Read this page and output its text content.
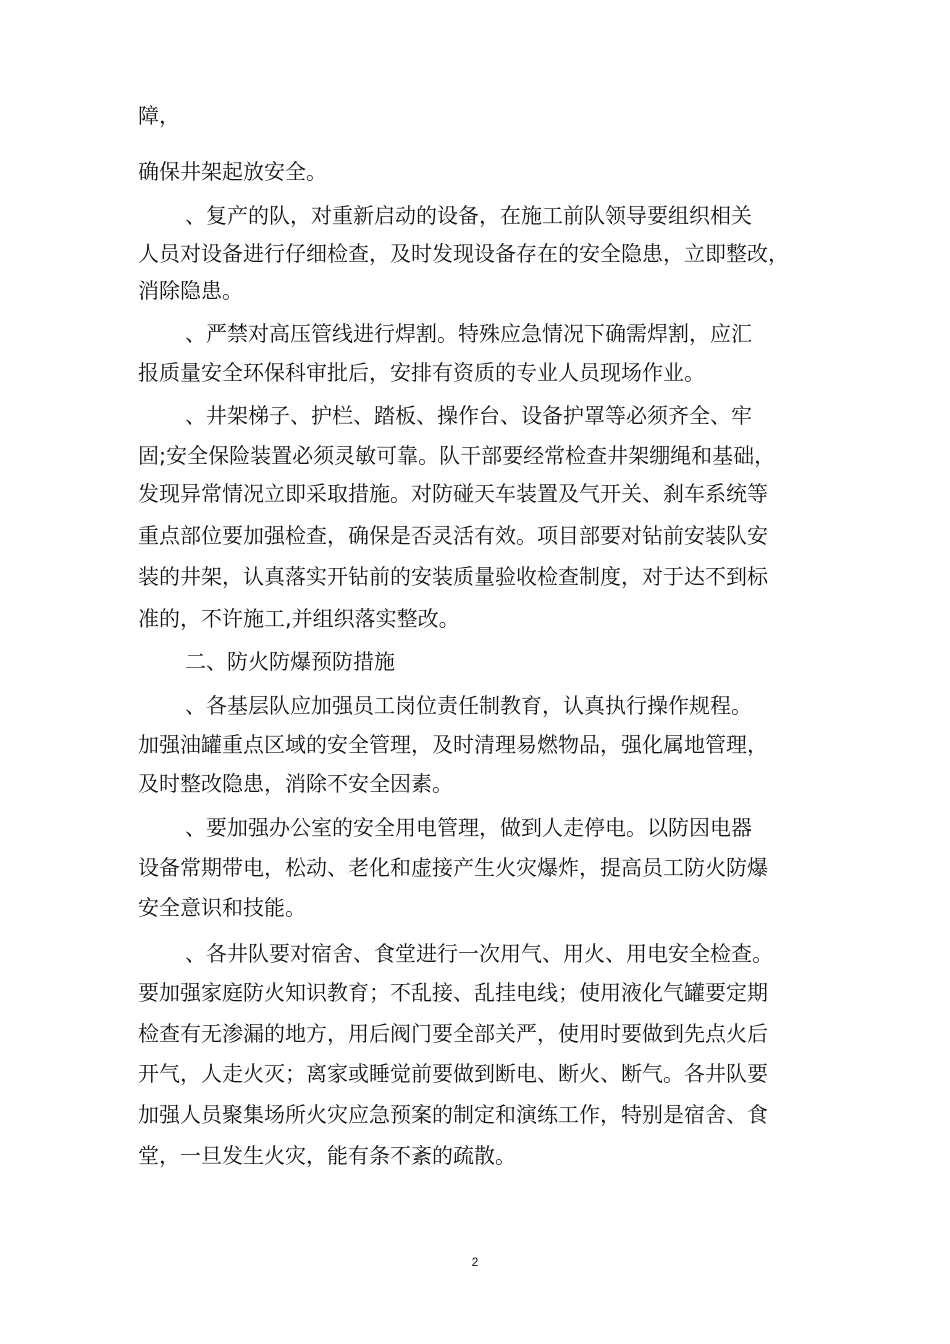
障，
确保井架起放安全。
、复产的队，对重新启动的设备，在施工前队领导要组织相关
人员对设备进行仔细检查，及时发现设备存在的安全隐患，立即整改，
消除隐患。
、严禁对高压管线进行焊割。特殊应急情况下确需焊割，应汇
报质量安全环保科审批后，安排有资质的专业人员现场作业。
、井架梯子、护栏、踏板、操作台、设备护罩等必须齐全、牢
固;安全保险装置必须灵敏可靠。队干部要经常检查井架绷绳和基础，
发现异常情况立即采取措施。对防碰天车装置及气开关、刹车系统等
重点部位要加强检查，确保是否灵活有效。项目部要对钻前安装队安
装的井架，认真落实开钻前的安装质量验收检查制度，对于达不到标
准的，不许施工,并组织落实整改。
二、防火防爆预防措施
、各基层队应加强员工岗位责任制教育，认真执行操作规程。
加强油罐重点区域的安全管理，及时清理易燃物品，强化属地管理，
及时整改隐患，消除不安全因素。
、要加强办公室的安全用电管理，做到人走停电。以防因电器
设备常期带电，松动、老化和虚接产生火灾爆炸，提高员工防火防爆
安全意识和技能。
、各井队要对宿舍、食堂进行一次用气、用火、用电安全检查。
要加强家庭防火知识教育；不乱接、乱挂电线；使用液化气罐要定期
检查有无渗漏的地方，用后阀门要全部关严，使用时要做到先点火后
开气，人走火灭；离家或睡觉前要做到断电、断火、断气。各井队要
加强人员聚集场所火灾应急预案的制定和演练工作，特别是宿舍、食
堂，一旦发生火灾，能有条不紊的疏散。
2
